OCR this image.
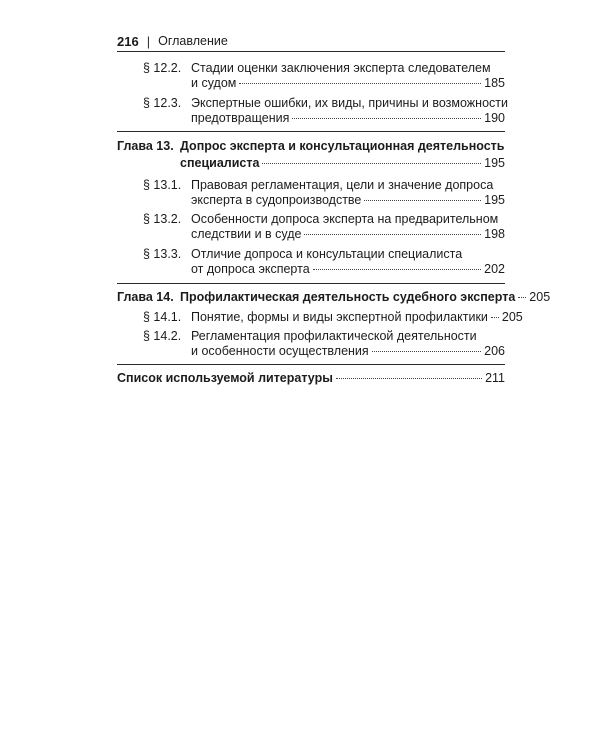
216 | Оглавление
§ 12.2. Стадии оценки заключения эксперта следователем
и судом	185
§ 12.3. Экспертные ошибки, их виды, причины и возможности
предотвращения	190
Глава 13. Допрос эксперта и консультационная деятельность
специалиста	195
§ 13.1. Правовая регламентация, цели и значение допроса
эксперта в судопроизводстве	195
§ 13.2. Особенности допроса эксперта на предварительном
следствии и в суде	198
§ 13.3. Отличие допроса и консультации специалиста
от допроса эксперта	202
Глава 14. Профилактическая деятельность судебного эксперта 205
§ 14.1. Понятие, формы и виды экспертной профилактики 205
§ 14.2. Регламентация профилактической деятельности
и особенности осуществления	206
Список используемой литературы	211
